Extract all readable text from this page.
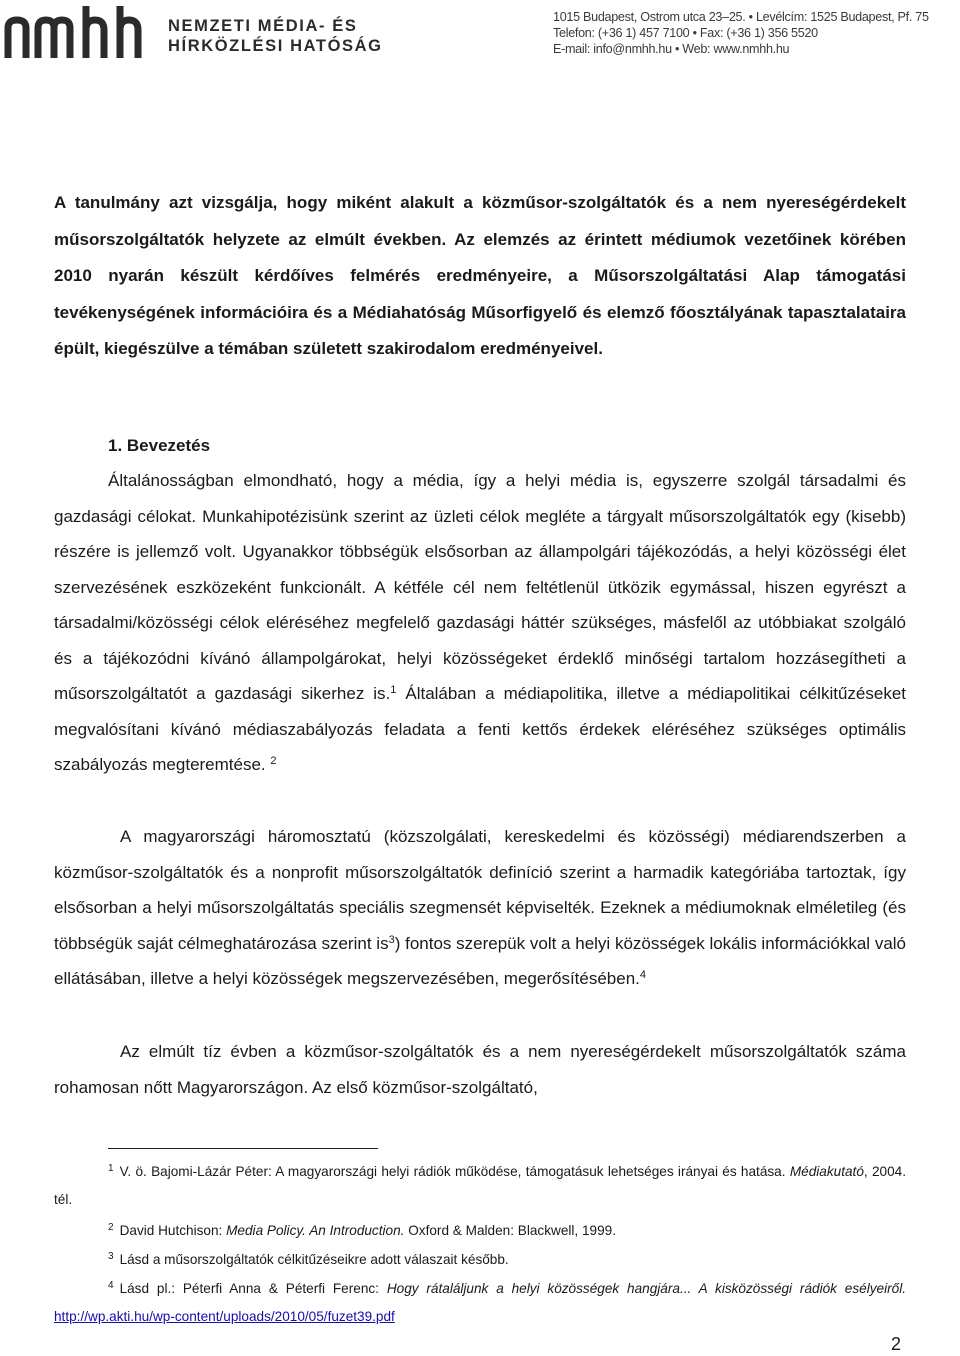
NEMZETI MÉDIA- ÉS
HÍRKÖZLÉSI HATÓSÁG
1015 Budapest, Ostrom utca 23–25. • Levélcím: 1525 Budapest, Pf. 75
Telefon: (+36 1) 457 7100 • Fax: (+36 1) 356 5520
E-mail: info@nmhh.hu • Web: www.nmhh.hu

A tanulmány azt vizsgálja, hogy miként alakult a közműsor-szolgáltatók és a nem nyereségérdekelt műsorszolgáltatók helyzete az elmúlt években. Az elemzés az érintett médiumok vezetőinek körében 2010 nyarán készült kérdőíves felmérés eredményeire, a Műsorszolgáltatási Alap támogatási tevékenységének információira és a Médiahatóság Műsorfigyelő és elemző főosztályának tapasztalataira épült, kiegészülve a témában született szakirodalom eredményeivel.

1. Bevezetés

Általánosságban elmondható, hogy a média, így a helyi média is, egyszerre szolgál társadalmi és gazdasági célokat. Munkahipotézisünk szerint az üzleti célok megléte a tárgyalt műsorszolgáltatók egy (kisebb) részére is jellemző volt. Ugyanakkor többségük elsősorban az állampolgári tájékozódás, a helyi közösségi élet szervezésének eszközeként funkcionált. A kétféle cél nem feltétlenül ütközik egymással, hiszen egyrészt a társadalmi/közösségi célok eléréséhez megfelelő gazdasági háttér szükséges, másfelől az utóbbiakat szolgáló és a tájékozódni kívánó állampolgárokat, helyi közösségeket érdeklő minőségi tartalom hozzásegítheti a műsorszolgáltatót a gazdasági sikerhez is.$^1$ Általában a médiapolitika, illetve a médiapolitikai célkitűzéseket megvalósítani kívánó médiaszabályozás feladata a fenti kettős érdekek eléréséhez szükséges optimális szabályozás megteremtése. $^2$

A magyarországi háromosztatú (közszolgálati, kereskedelmi és közösségi) médiarendszerben a közműsor-szolgáltatók és a nonprofit műsorszolgáltatók definíció szerint a harmadik kategóriába tartoztak, így elsősorban a helyi műsorszolgáltatás speciális szegmensét képviselték. Ezeknek a médiumoknak elméletileg (és többségük saját célmeghatározása szerint is$^3$) fontos szerepük volt a helyi közösségek lokális információkkal való ellátásában, illetve a helyi közösségek megszervezésében, megerősítésében.$^4$

Az elmúlt tíz évben a közműsor-szolgáltatók és a nem nyereségérdekelt műsorszolgáltatók száma rohamosan nőtt Magyarországon. Az első közműsor-szolgáltató,

$^1$ V. ö. Bajomi-Lázár Péter: A magyarországi helyi rádiók működése, támogatásuk lehetséges irányai és hatása. Médiakutató, 2004. tél.

$^2$ David Hutchison: Media Policy. An Introduction. Oxford & Malden: Blackwell, 1999.

$^3$ Lásd a műsorszolgáltatók célkitűzéseikre adott válaszait később.

$^4$ Lásd pl.: Péterfi Anna & Péterfi Ferenc: Hogy rátaláljunk a helyi közösségek hangjára... A kisközösségi rádiók esélyeiről. http://wp.akti.hu/wp-content/uploads/2010/05/fuzet39.pdf

2
